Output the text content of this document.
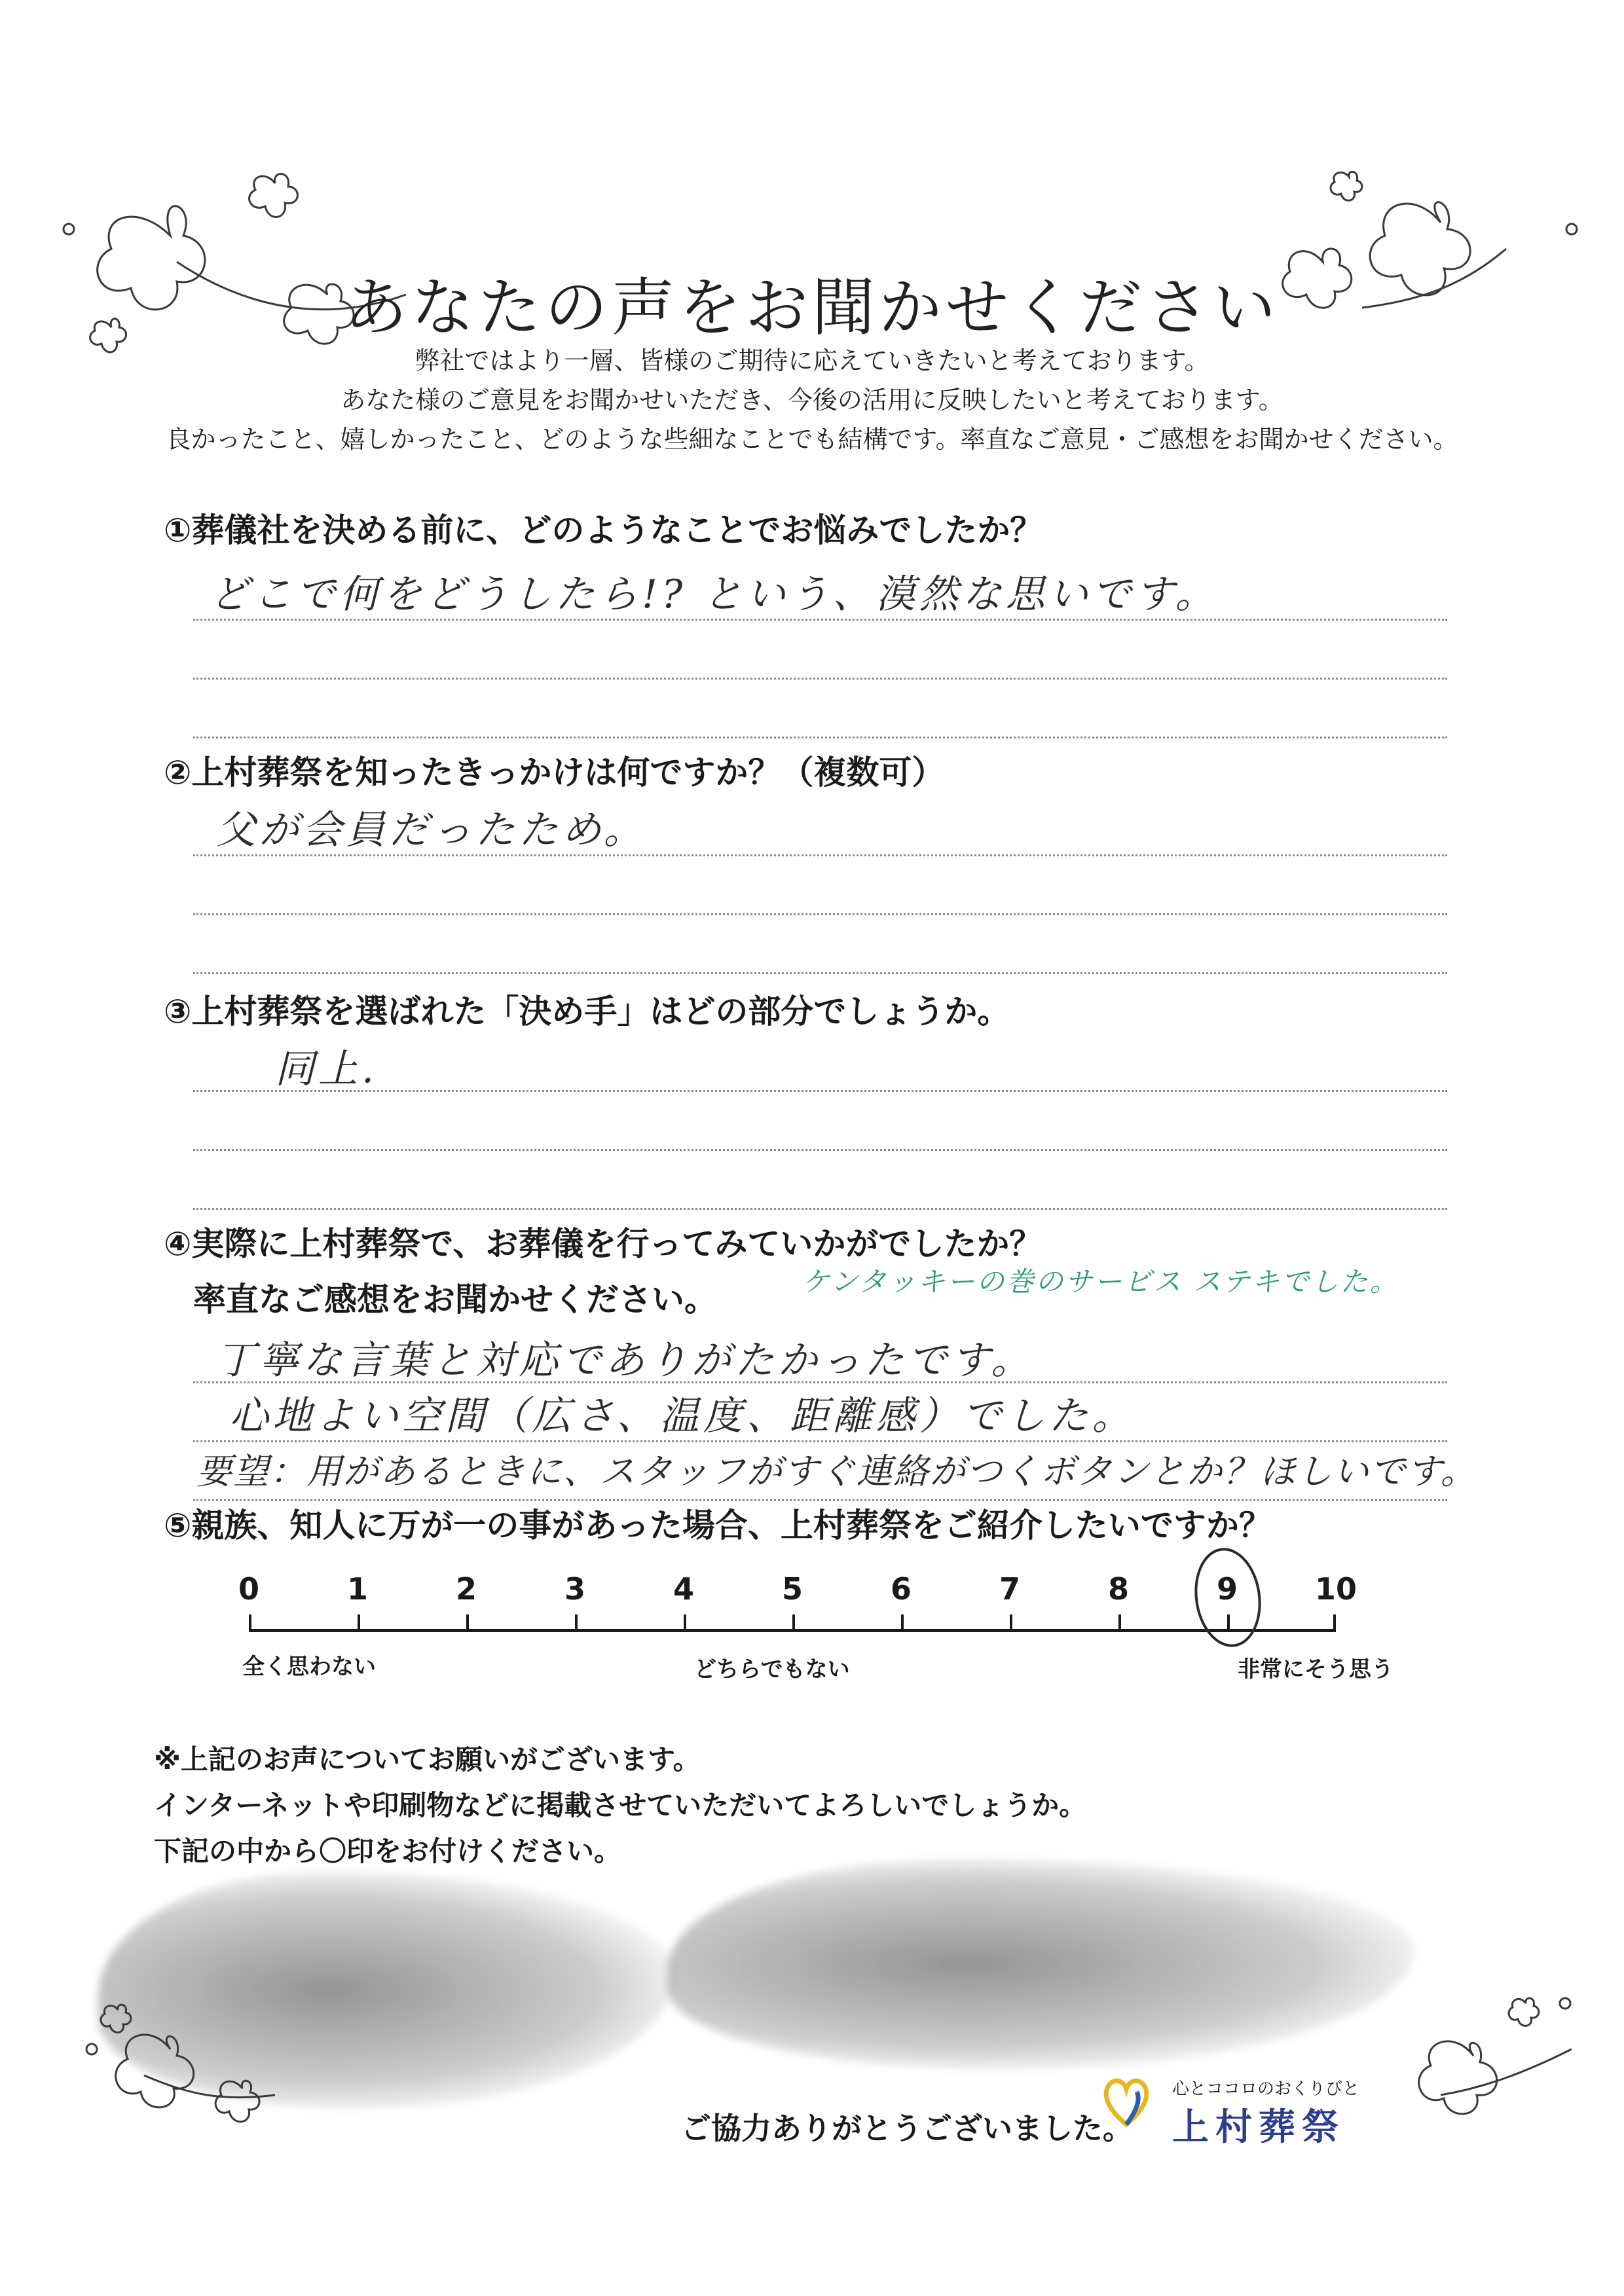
あなたの声をお聞かせください
弊社ではより一層、皆様のご期待に応えていきたいと考えております。
あなた様のご意見をお聞かせいただき、今後の活用に反映したいと考えております。
良かったこと、嬉しかったこと、どのような些細なことでも結構です。率直なご意見・ご感想をお聞かせください。
①葬儀社を決める前に、どのようなことでお悩みでしたか？
どこで何をどうしたら!? という、漠然な思いです。
②上村葬祭を知ったきっかけは何ですか？（複数可）
父が会員だったため。
③上村葬祭を選ばれた「決め手」はどの部分でしょうか。
同上.
④実際に上村葬祭で、お葬儀を行ってみていかがでしたか？
率直なご感想をお聞かせください。	ケンタッキーの巻のサービス ステキでした。
丁寧な言葉と対応でありがたかったです。
心地よい空間（広さ、温度、距離感）でした。
要望：用があるときに、スタッフがすぐ連絡がつくボタンとか？ほしいです。
⑤親族、知人に万が一の事があった場合、上村葬祭をご紹介したいですか？
0	1	2	3	4	5	6	7	8	9	10
全く思わない	どちらでもない	非常にそう思う
※上記のお声についてお願いがございます。
インターネットや印刷物などに掲載させていただいてよろしいでしょうか。
下記の中から〇印をお付けください。
ご協力ありがとうございました。
心とココロのおくりびと
上村葬祭
